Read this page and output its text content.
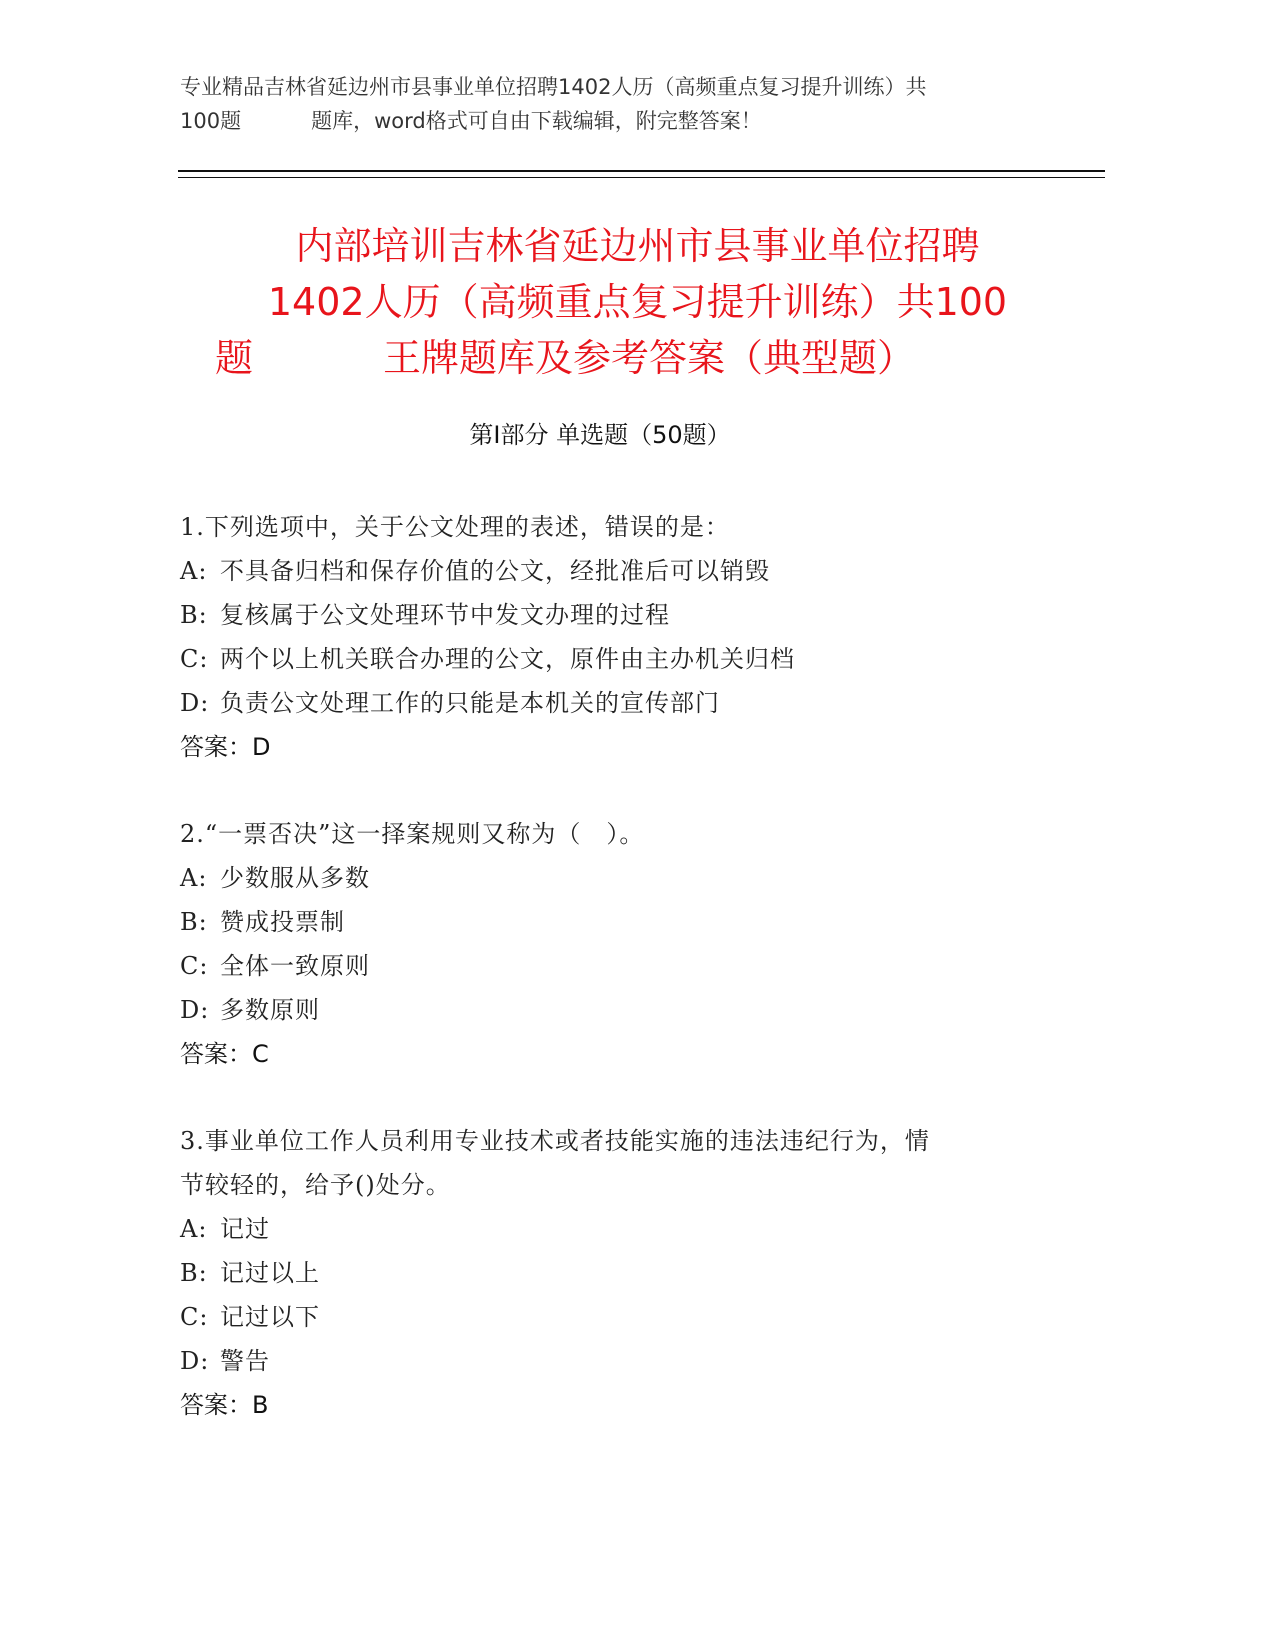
专业精品吉林省延边州市县事业单位招聘1402人历（高频重点复习提升训练）共
100题	题库，word格式可自由下载编辑，附完整答案！
内部培训吉林省延边州市县事业单位招聘
1402人历（高频重点复习提升训练）共100
题	王牌题库及参考答案（典型题）
第Ⅰ部分 单选题（50题）
1.下列选项中，关于公文处理的表述，错误的是：
A: 不具备归档和保存价值的公文，经批准后可以销毁
B: 复核属于公文处理环节中发文办理的过程
C: 两个以上机关联合办理的公文，原件由主办机关归档
D: 负责公文处理工作的只能是本机关的宣传部门
答案：D
2.“一票否决”这一择案规则又称为（　）。
A: 少数服从多数
B: 赞成投票制
C: 全体一致原则
D: 多数原则
答案：C
3.事业单位工作人员利用专业技术或者技能实施的违法违纪行为，情
节较轻的，给予()处分。
A: 记过
B: 记过以上
C: 记过以下
D: 警告
答案：B
